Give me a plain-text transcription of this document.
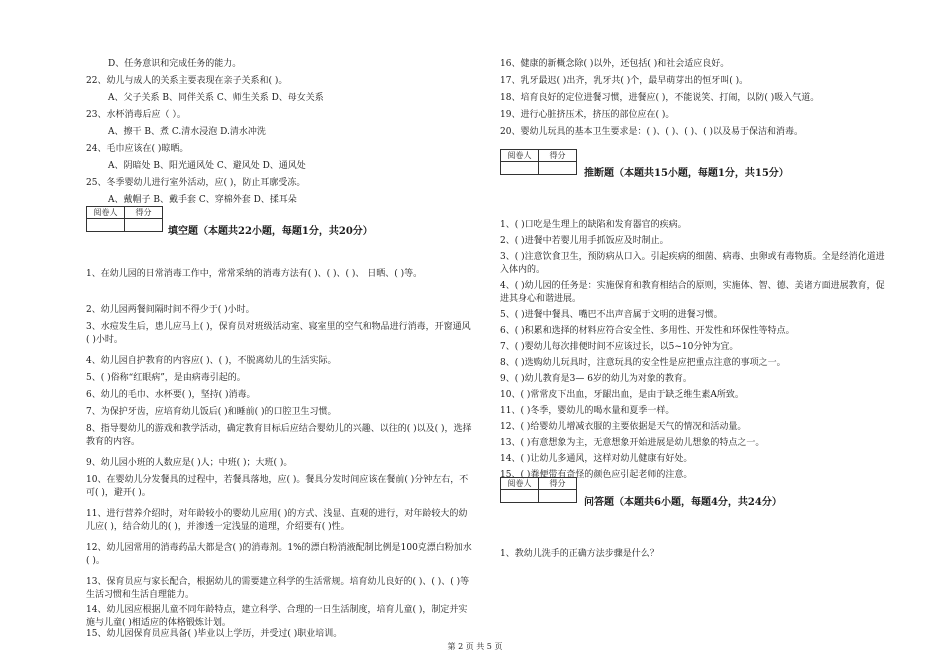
D、任务意识和完成任务的能力。
22、幼儿与成人的关系主要表现在亲子关系和( )。
A、父子关系 B、同伴关系 C、师生关系 D、母女关系
23、水杯消毒后应（ ）。
A、擦干 B、煮 C.清水浸泡 D.清水冲洗
24、毛巾应该在( )晾晒。
A、阴暗处 B、阳光通风处 C、避风处 D、通风处
25、冬季婴幼儿进行室外活动，应( )，防止耳廓受冻。
A、戴帽子 B、戴手套 C、穿棉外套 D、揉耳朵
阅卷人	得分

填空题（本题共22小题，每题1分，共20分）
1、在幼儿园的日常消毒工作中，常常采纳的消毒方法有( )、( )、( )、 日晒、( )等。
2、幼儿园两餐间隔时间不得少于( )小时。
3、水痘发生后，患儿应马上( )，保育员对班级活动室、寝室里的空气和物品进行消毒，开窗通风( )小时。
4、幼儿园自护教育的内容应( )、( )，不脱离幼儿的生活实际。
5、( )俗称“红眼病”，是由病毒引起的。
6、幼儿的毛巾、水杯要( )，坚持( )消毒。
7、为保护牙齿，应培育幼儿饭后( )和睡前( )的口腔卫生习惯。
8、指导婴幼儿的游戏和教学活动，确定教育目标后应结合婴幼儿的兴趣、以往的( )以及( )，选择教育的内容。
9、幼儿园小班的人数应是( )人；中班( )；大班( )。
10、在婴幼儿分发餐具的过程中，若餐具落地，应( )。餐具分发时间应该在餐前( )分钟左右，不可( )，避开( )。
11、进行营养介绍时，对年龄较小的婴幼儿应用( )的方式、浅显、直观的进行，对年龄较大的幼儿应( )，结合幼儿的( )，并渗透一定浅显的道理，介绍要有( )性。
12、幼儿园常用的消毒药品大都是含( )的消毒剂。1%的漂白粉消液配制比例是100克漂白粉加水( )。
13、保育员应与家长配合，根据幼儿的需要建立科学的生活常规。培育幼儿良好的( )、( )、( )等生活习惯和生活自理能力。
14、幼儿园应根据儿童不同年龄特点，建立科学、合理的一日生活制度，培育儿童( )，制定并实施与儿童( )相适应的体格锻炼计划。
15、幼儿园保育员应具备( )毕业以上学历，并受过( )职业培训。
16、健康的新概念除( )以外，还包括( )和社会适应良好。
17、乳牙最迟( )出齐，乳牙共( )个，最早萌芽出的恒牙叫( )。
18、培育良好的定位进餐习惯，进餐应( )，不能说笑、打闹，以防( )吸入气道。
19、进行心脏挤压术，挤压的部位应在( )。
20、婴幼儿玩具的基本卫生要求是：( )、( )、( )、( )以及易于保洁和消毒。
阅卷人	得分

推断题（本题共15小题，每题1分，共15分）
1、( )口吃是生理上的缺陷和发育器官的疾病。
2、( )进餐中若婴儿用手抓饭应及时制止。
3、( )注意饮食卫生，预防病从口入。引起疾病的细菌、病毒、虫卵或有毒物质。全是经消化道进入体内的。
4、( )幼儿园的任务是：实施保育和教育相结合的原则，实施体、智、德、美诸方面进展教育，促进其身心和谐进展。
5、( )进餐中餐具、嘴巴不出声音属于文明的进餐习惯。
6、( )积累和选择的材料应符合安全性、多用性、开发性和环保性等特点。
7、( )婴幼儿每次排便时间不应该过长，以5~10分钟为宜。
8、( )选购幼儿玩具时，注意玩具的安全性是应把重点注意的事项之一。
9、( )幼儿教育是3— 6岁的幼儿为对象的教育。
10、( )常常皮下出血，牙龈出血，是由于缺乏维生素A所致。
11、( )冬季，婴幼儿的喝水量和夏季一样。
12、( )给婴幼儿增减衣服的主要依据是天气的情况和活动量。
13、( )有意想象为主，无意想象开始进展是幼儿想象的特点之一。
14、( )让幼儿多通风，这样对幼儿健康有好处。
15、( )粪便带有奇怪的颜色应引起老师的注意。
阅卷人	得分

问答题（本题共6小题，每题4分，共24分）
1、教幼儿洗手的正确方法步骤是什么？
第 2 页 共 5 页
